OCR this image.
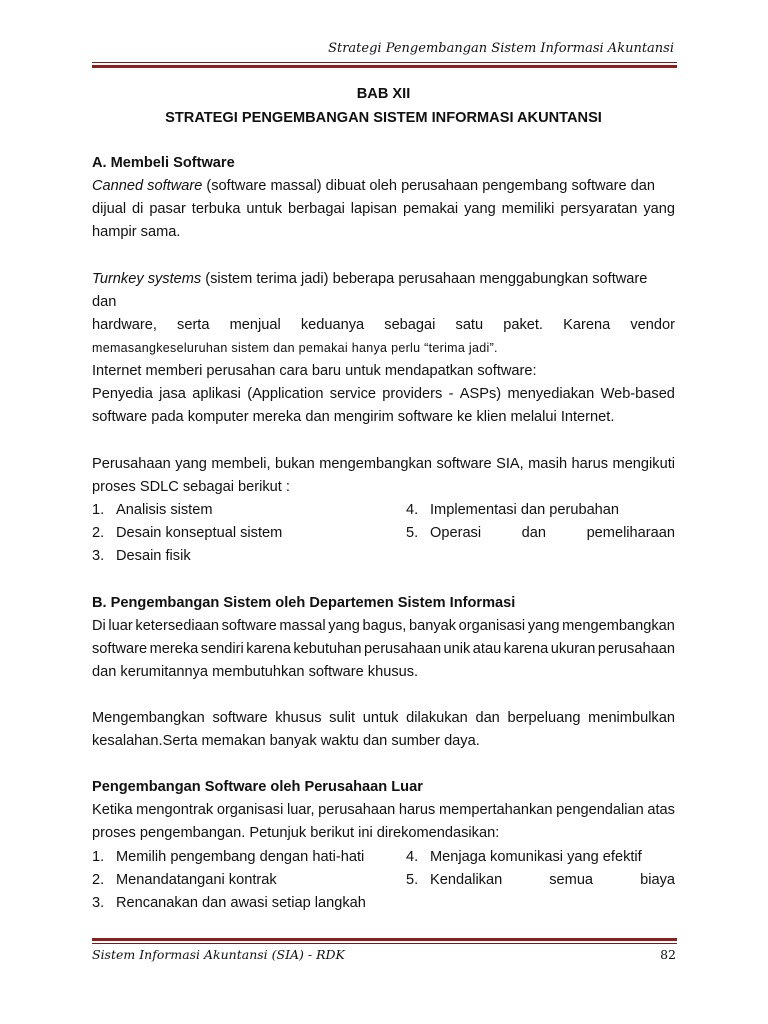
Strategi Pengembangan Sistem Informasi Akuntansi
BAB XII
STRATEGI PENGEMBANGAN SISTEM INFORMASI AKUNTANSI
A. Membeli Software
Canned software (software massal) dibuat oleh perusahaan pengembang software dan
dijual di pasar terbuka untuk berbagai lapisan pemakai yang memiliki persyaratan yang
hampir sama.
Turnkey systems (sistem terima jadi) beberapa perusahaan menggabungkan software dan
hardware, serta menjual keduanya sebagai satu paket. Karena vendor
memasangkeseluruhan sistem dan pemakai hanya perlu “terima jadi”.
Internet memberi perusahan cara baru untuk mendapatkan software:
Penyedia jasa aplikasi (Application service providers - ASPs) menyediakan Web-based
software pada komputer mereka dan mengirim software ke klien melalui Internet.
Perusahaan yang membeli, bukan mengembangkan software SIA, masih harus mengikuti
proses SDLC sebagai berikut :
1. Analisis sistem	4. Implementasi dan perubahan
2. Desain konseptual sistem	5. Operasi	dan	pemeliharaan
3. Desain fisik
B. Pengembangan Sistem oleh Departemen Sistem Informasi
Di luar ketersediaan software massal yang bagus, banyak organisasi yang mengembangkan
software mereka sendiri karena kebutuhan perusahaan unik atau karena ukuran perusahaan
dan kerumitannya membutuhkan software khusus.
Mengembangkan software khusus sulit untuk dilakukan dan berpeluang menimbulkan
kesalahan.Serta memakan banyak waktu dan sumber daya.
Pengembangan Software oleh Perusahaan Luar
Ketika mengontrak organisasi luar, perusahaan harus mempertahankan pengendalian atas
proses pengembangan. Petunjuk berikut ini direkomendasikan:
1. Memilih pengembang dengan hati-hati	4. Menjaga komunikasi yang efektif
2. Menandatangani kontrak	5. Kendalikan	semua	biaya
3. Rencanakan dan awasi setiap langkah
Sistem Informasi Akuntansi (SIA) - RDK	82
